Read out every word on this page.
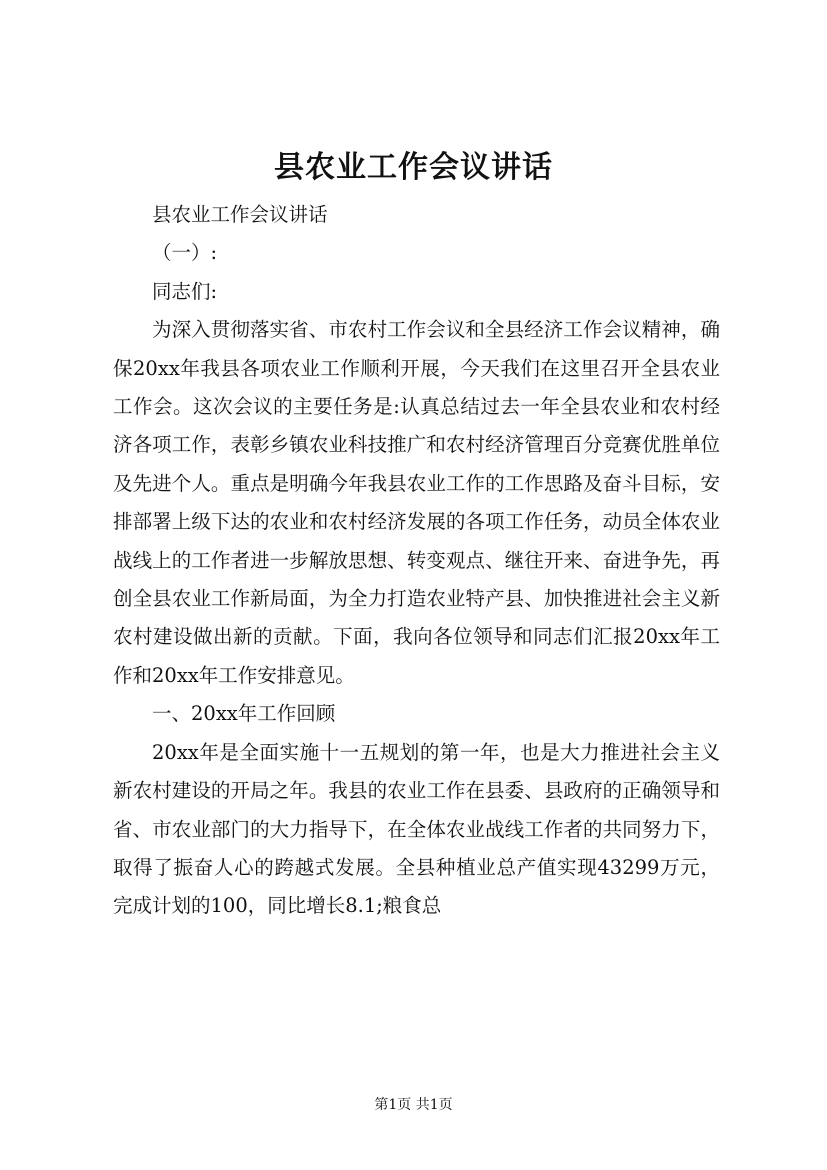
县农业工作会议讲话

县农业工作会议讲话

（一）:

同志们:

为深入贯彻落实省、市农村工作会议和全县经济工作会议精神，确保20xx年我县各项农业工作顺利开展，今天我们在这里召开全县农业工作会。这次会议的主要任务是:认真总结过去一年全县农业和农村经济各项工作，表彰乡镇农业科技推广和农村经济管理百分竞赛优胜单位及先进个人。重点是明确今年我县农业工作的工作思路及奋斗目标，安排部署上级下达的农业和农村经济发展的各项工作任务，动员全体农业战线上的工作者进一步解放思想、转变观点、继往开来、奋进争先，再创全县农业工作新局面，为全力打造农业特产县、加快推进社会主义新农村建设做出新的贡献。下面，我向各位领导和同志们汇报20xx年工作和20xx年工作安排意见。

一、20xx年工作回顾

20xx年是全面实施十一五规划的第一年，也是大力推进社会主义新农村建设的开局之年。我县的农业工作在县委、县政府的正确领导和省、市农业部门的大力指导下，在全体农业战线工作者的共同努力下，取得了振奋人心的跨越式发展。全县种植业总产值实现43299万元，完成计划的100，同比增长8.1;粮食总

第1页 共1页
